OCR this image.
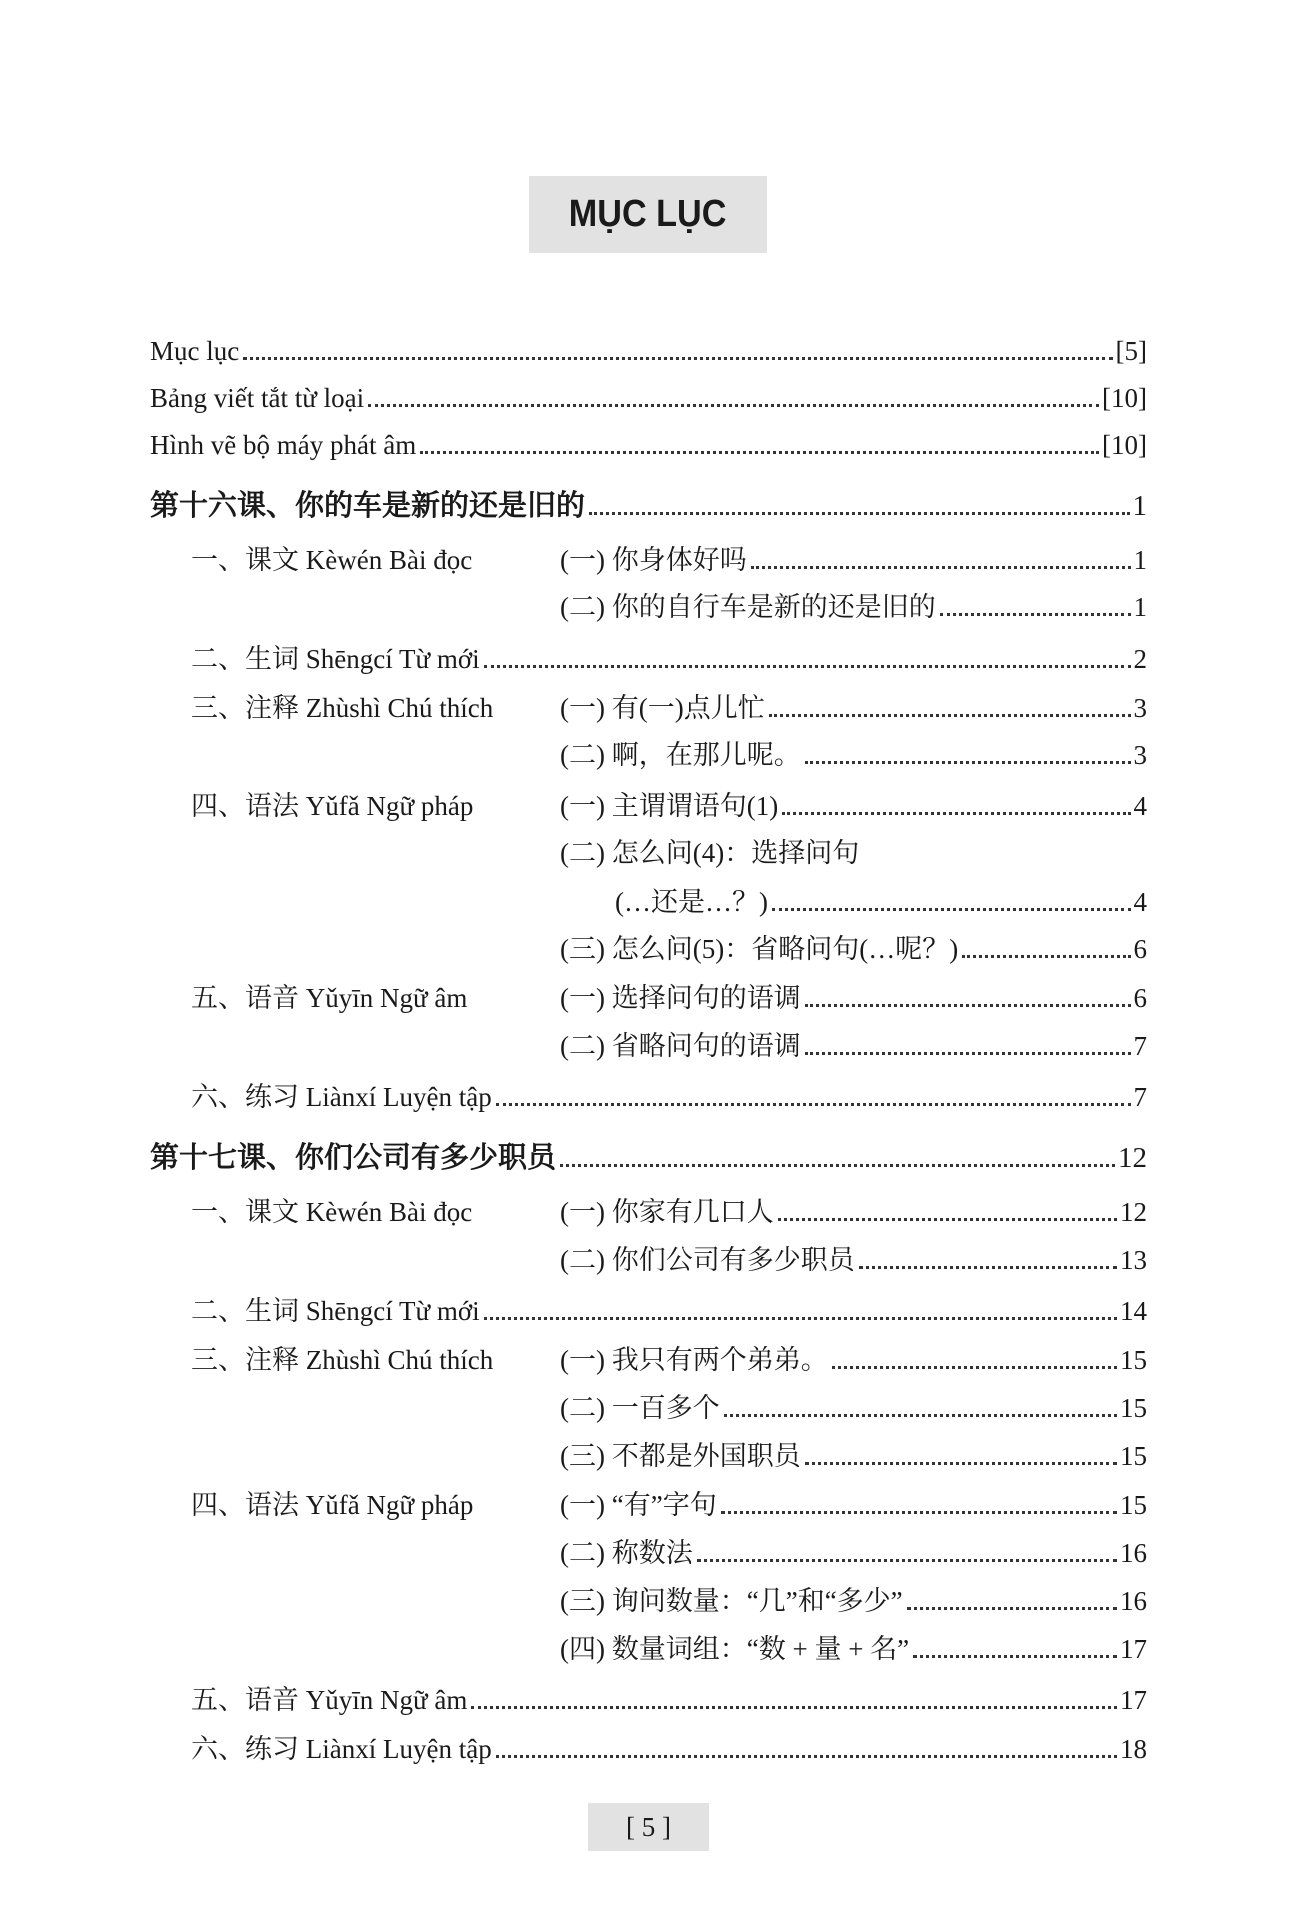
MỤC LỤC
Mục lục	[5]
Bảng viết tắt từ loại	[10]
Hình vẽ bộ máy phát âm	[10]
第十六课、你的车是新的还是旧的	1
一、课文 Kèwén Bài đọc	(一) 你身体好吗	1
(二) 你的自行车是新的还是旧的	1
二、生词 Shēngcí Từ mới	2
三、注释 Zhùshì Chú thích	(一) 有(一)点儿忙	3
(二) 啊，在那儿呢。	3
四、语法 Yǔfǎ Ngữ pháp	(一) 主谓谓语句(1)	4
(二) 怎么问(4)：选择问句
(…还是…？)	4
(三) 怎么问(5)：省略问句(…呢？)	6
五、语音 Yǔyīn Ngữ âm	(一) 选择问句的语调	6
(二) 省略问句的语调	7
六、练习 Liànxí Luyện tập	7
第十七课、你们公司有多少职员	12
一、课文 Kèwén Bài đọc	(一) 你家有几口人	12
(二) 你们公司有多少职员	13
二、生词 Shēngcí Từ mới	14
三、注释 Zhùshì Chú thích	(一) 我只有两个弟弟。	15
(二) 一百多个	15
(三) 不都是外国职员	15
四、语法 Yǔfǎ Ngữ pháp	(一) “有”字句	15
(二) 称数法	16
(三) 询问数量：“几”和“多少”	16
(四) 数量词组：“数 + 量 + 名”	17
五、语音 Yǔyīn Ngữ âm	17
六、练习 Liànxí Luyện tập	18
[ 5 ]
